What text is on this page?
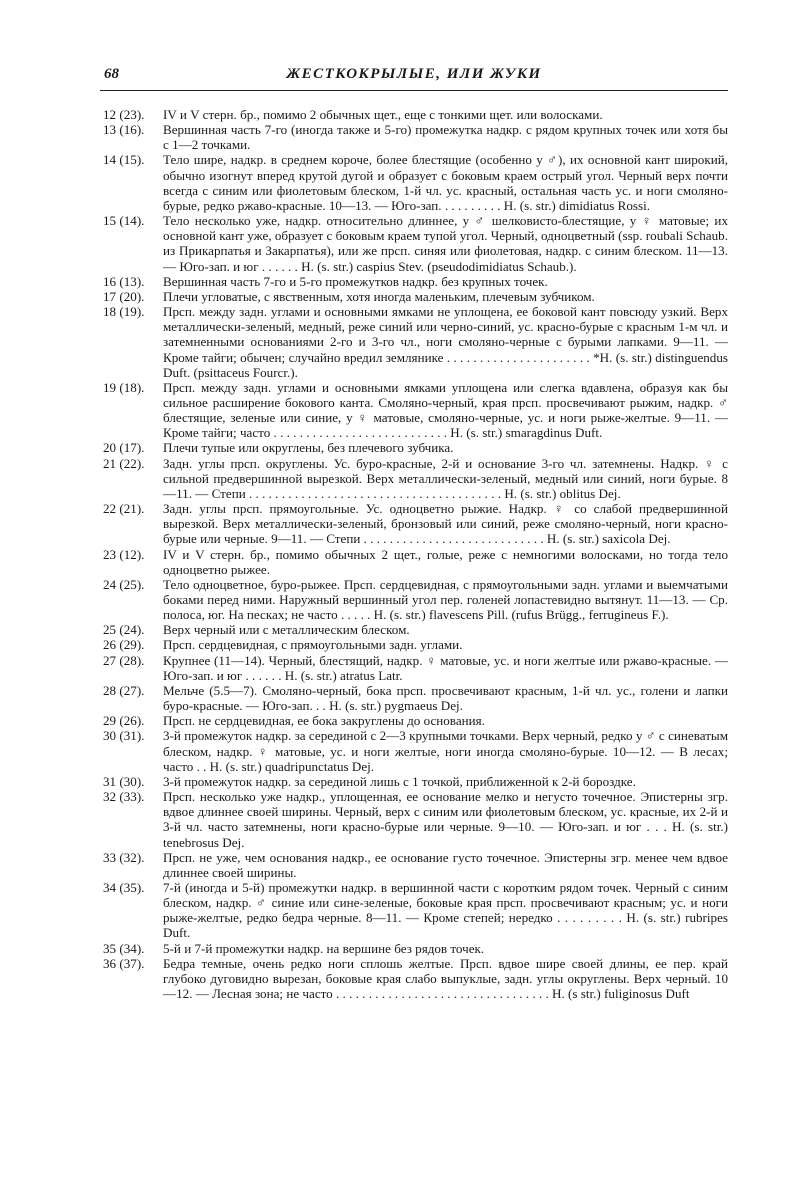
68	ЖЕСТКОКРЫЛЫЕ, ИЛИ ЖУКИ
12 (23).	IV и V стерн. бр., помимо 2 обычных щет., еще с тонкими щет. или волосками.
13 (16).	Вершинная часть 7-го (иногда также и 5-го) промежутка надкр. с рядом крупных точек или хотя бы с 1—2 точками.
14 (15).	Тело шире, надкр. в среднем короче, более блестящие (особенно у ♂), их основной кант широкий, обычно изогнут вперед крутой дугой и образует с боковым краем острый угол. Черный верх почти всегда с синим или фиолетовым блеском, 1-й чл. ус. красный, остальная часть ус. и ноги смоляно-бурые, редко ржаво-красные. 10—13. — Юго-зап. . . . . . . . . . H. (s. str.) dimidiatus Rossi.
15 (14).	Тело несколько уже, надкр. относительно длиннее, у ♂ шелковисто-блестящие, у ♀ матовые; их основной кант уже, образует с боковым краем тупой угол. Черный, одноцветный (ssp. roubali Schaub. из Прикарпатья и Закарпатья), или же прсп. синяя или фиолетовая, надкр. с синим блеском. 11—13. — Юго-зап. и юг . . . . . . H. (s. str.) caspius Stev. (pseudodimidiatus Schaub.).
16 (13).	Вершинная часть 7-го и 5-го промежутков надкр. без крупных точек.
17 (20).	Плечи угловатые, с явственным, хотя иногда маленьким, плечевым зубчиком.
18 (19).	Прсп. между задн. углами и основными ямками не уплощена, ее боковой кант повсюду узкий. Верх металлически-зеленый, медный, реже синий или черно-синий, ус. красно-бурые с красным 1-м чл. и затемненными основаниями 2-го и 3-го чл., ноги смоляно-черные с бурыми лапками. 9—11. — Кроме тайги; обычен; случайно вредил землянике . . . . . . . . . . . . . . . . . . . . . . *H. (s. str.) distinguendus Duft. (psittaceus Fourcr.).
19 (18).	Прсп. между задн. углами и основными ямками уплощена или слегка вдавлена, образуя как бы сильное расширение бокового канта. Смоляно-черный, края прсп. просвечивают рыжим, надкр. ♂ блестящие, зеленые или синие, у ♀ матовые, смоляно-черные, ус. и ноги рыже-желтые. 9—11. — Кроме тайги; часто . . . . . . . . . . . . . . . . . . . . . . . . . . . H. (s. str.) smaragdinus Duft.
20 (17).	Плечи тупые или округлены, без плечевого зубчика.
21 (22).	Задн. углы прсп. округлены. Ус. буро-красные, 2-й и основание 3-го чл. затемнены. Надкр. ♀ с сильной предвершинной вырезкой. Верх металлически-зеленый, медный или синий, ноги бурые. 8—11. — Степи . . . . . . . . . . . . . . . . . . . . . . . . . . . . . . . . . . . . . . . H. (s. str.) oblitus Dej.
22 (21).	Задн. углы прсп. прямоугольные. Ус. одноцветно рыжие. Надкр. ♀ со слабой предвершинной вырезкой. Верх металлически-зеленый, бронзовый или синий, реже смоляно-черный, ноги красно-бурые или черные. 9—11. — Степи . . . . . . . . . . . . . . . . . . . . . . . . . . . . H. (s. str.) saxicola Dej.
23 (12).	IV и V стерн. бр., помимо обычных 2 щет., голые, реже с немногими волосками, но тогда тело одноцветно рыжее.
24 (25).	Тело одноцветное, буро-рыжее. Прсп. сердцевидная, с прямоугольными задн. углами и выемчатыми боками перед ними. Наружный вершинный угол пер. голеней лопастевидно вытянут. 11—13. — Ср. полоса, юг. На песках; не часто . . . . . H. (s. str.) flavescens Pill. (rufus Brügg., ferrugineus F.).
25 (24).	Верх черный или с металлическим блеском.
26 (29).	Прсп. сердцевидная, с прямоугольными задн. углами.
27 (28).	Крупнее (11—14). Черный, блестящий, надкр. ♀ матовые, ус. и ноги желтые или ржаво-красные. — Юго-зап. и юг . . . . . . H. (s. str.) atratus Latr.
28 (27).	Мельче (5.5—7). Смоляно-черный, бока прсп. просвечивают красным, 1-й чл. ус., голени и лапки буро-красные. — Юго-зап. . . H. (s. str.) pygmaeus Dej.
29 (26).	Прсп. не сердцевидная, ее бока закруглены до основания.
30 (31).	3-й промежуток надкр. за серединой с 2—3 крупными точками. Верх черный, редко у ♂ с синеватым блеском, надкр. ♀ матовые, ус. и ноги желтые, ноги иногда смоляно-бурые. 10—12. — В лесах; часто . . H. (s. str.) quadripunctatus Dej.
31 (30).	3-й промежуток надкр. за серединой лишь с 1 точкой, приближенной к 2-й бороздке.
32 (33).	Прсп. несколько уже надкр., уплощенная, ее основание мелко и негусто точечное. Эпистерны згр. вдвое длиннее своей ширины. Черный, верх с синим или фиолетовым блеском, ус. красные, их 2-й и 3-й чл. часто затемнены, ноги красно-бурые или черные. 9—10. — Юго-зап. и юг . . . H. (s. str.) tenebrosus Dej.
33 (32).	Прсп. не уже, чем основания надкр., ее основание густо точечное. Эпистерны згр. менее чем вдвое длиннее своей ширины.
34 (35).	7-й (иногда и 5-й) промежутки надкр. в вершинной части с коротким рядом точек. Черный с синим блеском, надкр. ♂ синие или сине-зеленые, боковые края прсп. просвечивают красным; ус. и ноги рыже-желтые, редко бедра черные. 8—11. — Кроме степей; нередко . . . . . . . . . H. (s. str.) rubripes Duft.
35 (34).	5-й и 7-й промежутки надкр. на вершине без рядов точек.
36 (37).	Бедра темные, очень редко ноги сплошь желтые. Прсп. вдвое шире своей длины, ее пер. край глубоко дуговидно вырезан, боковые края слабо выпуклые, задн. углы округлены. Верх черный. 10—12. — Лесная зона; не часто . . . . . . . . . . . . . . . . . . . . . . . . . . . . . . . . . H. (s str.) fuliginosus Duft
